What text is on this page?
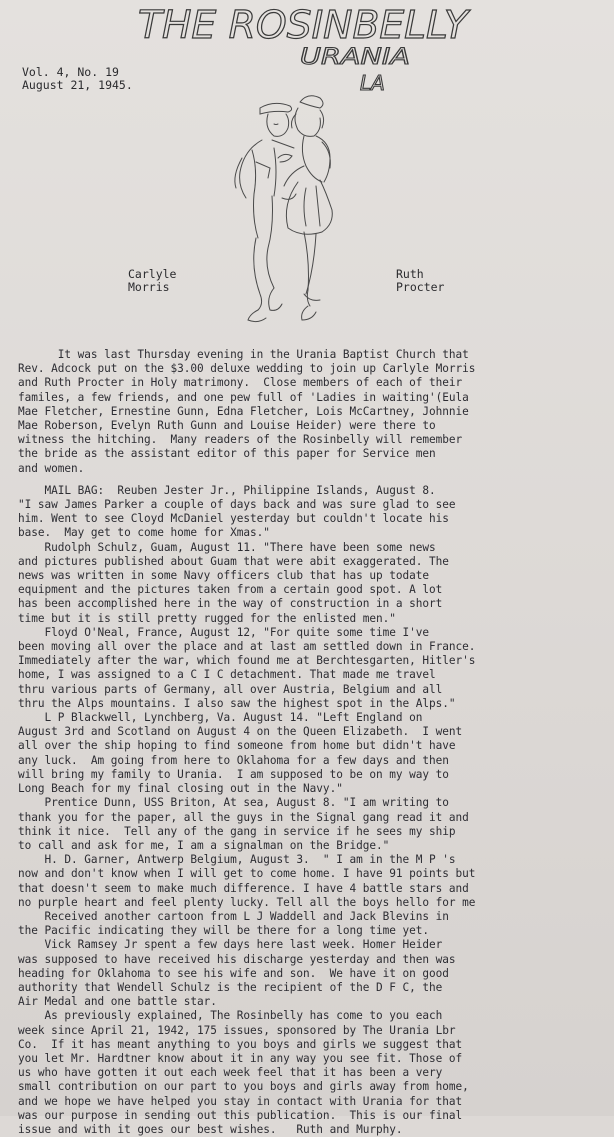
THE ROSINBELLY
URANIA
LA
Vol. 4, No. 19
August 21, 1945.
Carlyle
Morris
Ruth
Procter
It was last Thursday evening in the Urania Baptist Church that
Rev. Adcock put on the $3.00 deluxe wedding to join up Carlyle Morris
and Ruth Procter in Holy matrimony.  Close members of each of their
familes, a few friends, and one pew full of 'Ladies in waiting'(Eula
Mae Fletcher, Ernestine Gunn, Edna Fletcher, Lois McCartney, Johnnie
Mae Roberson, Evelyn Ruth Gunn and Louise Heider) were there to
witness the hitching.  Many readers of the Rosinbelly will remember
the bride as the assistant editor of this paper for Service men
and women.
MAIL BAG:  Reuben Jester Jr., Philippine Islands, August 8.
"I saw James Parker a couple of days back and was sure glad to see
him. Went to see Cloyd McDaniel yesterday but couldn't locate his
base.  May get to come home for Xmas."
Rudolph Schulz, Guam, August 11. "There have been some news
and pictures published about Guam that were abit exaggerated. The
news was written in some Navy officers club that has up todate
equipment and the pictures taken from a certain good spot. A lot
has been accomplished here in the way of construction in a short
time but it is still pretty rugged for the enlisted men."
Floyd O'Neal, France, August 12, "For quite some time I've
been moving all over the place and at last am settled down in France.
Immediately after the war, which found me at Berchtesgarten, Hitler's
home, I was assigned to a C I C detachment. That made me travel
thru various parts of Germany, all over Austria, Belgium and all
thru the Alps mountains. I also saw the highest spot in the Alps."
L P Blackwell, Lynchberg, Va. August 14. "Left England on
August 3rd and Scotland on August 4 on the Queen Elizabeth.  I went
all over the ship hoping to find someone from home but didn't have
any luck.  Am going from here to Oklahoma for a few days and then
will bring my family to Urania.  I am supposed to be on my way to
Long Beach for my final closing out in the Navy."
Prentice Dunn, USS Briton, At sea, August 8. "I am writing to
thank you for the paper, all the guys in the Signal gang read it and
think it nice.  Tell any of the gang in service if he sees my ship
to call and ask for me, I am a signalman on the Bridge."
H. D. Garner, Antwerp Belgium, August 3.  " I am in the M P 's
now and don't know when I will get to come home. I have 91 points but
that doesn't seem to make much difference. I have 4 battle stars and
no purple heart and feel plenty lucky. Tell all the boys hello for me
Received another cartoon from L J Waddell and Jack Blevins in
the Pacific indicating they will be there for a long time yet.
Vick Ramsey Jr spent a few days here last week. Homer Heider
was supposed to have received his discharge yesterday and then was
heading for Oklahoma to see his wife and son.  We have it on good
authority that Wendell Schulz is the recipient of the D F C, the
Air Medal and one battle star.
As previously explained, The Rosinbelly has come to you each
week since April 21, 1942, 175 issues, sponsored by The Urania Lbr
Co.  If it has meant anything to you boys and girls we suggest that
you let Mr. Hardtner know about it in any way you see fit. Those of
us who have gotten it out each week feel that it has been a very
small contribution on our part to you boys and girls away from home,
and we hope we have helped you stay in contact with Urania for that
was our purpose in sending out this publication.  This is our final
issue and with it goes our best wishes.   Ruth and Murphy.
